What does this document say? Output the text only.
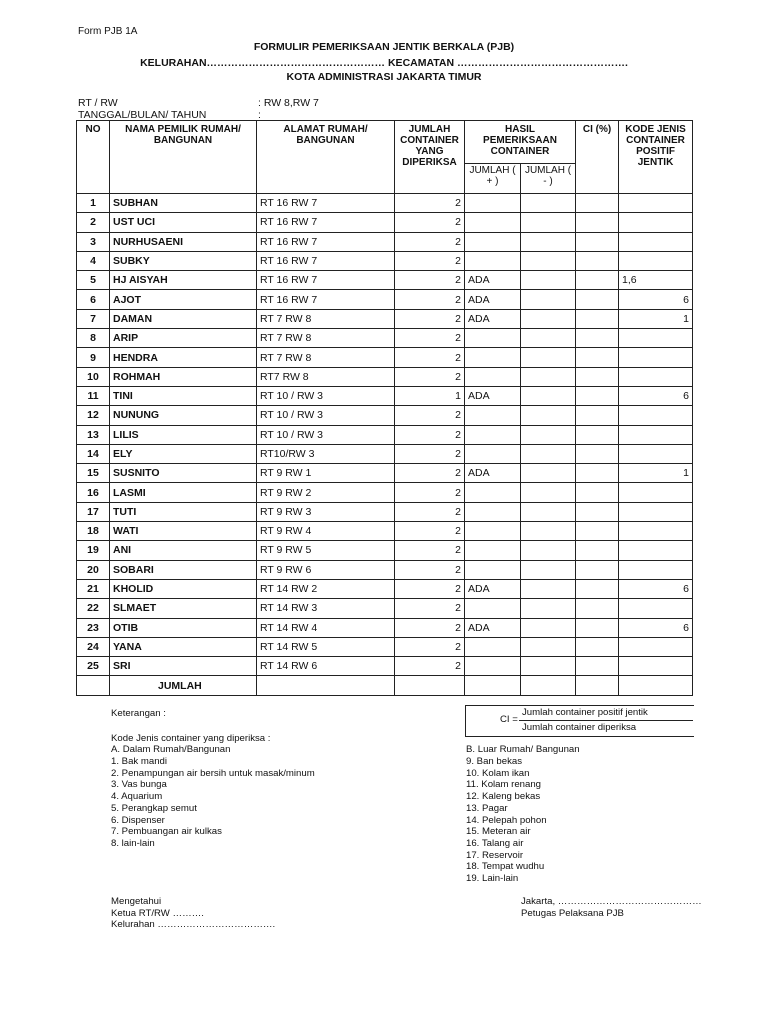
Form PJB 1A
FORMULIR PEMERIKSAAN JENTIK BERKALA (PJB)
KELURAHAN…………………………………………… KECAMATAN ………………………………………….
KOTA ADMINISTRASI JAKARTA TIMUR
RT / RW	: RW 8,RW 7
TANGGAL/BULAN/ TAHUN	:
NO	NAMA PEMILIK RUMAH/ BANGUNAN	ALAMAT RUMAH/ BANGUNAN	JUMLAH CONTAINER YANG DIPERIKSA	HASIL PEMERIKSAAN CONTAINER		CI (%)	KODE JENIS CONTAINER POSITIF JENTIK
				JUMLAH ( + )	JUMLAH ( - )		
1	SUBHAN	RT 16 RW 7	2				
2	UST UCI	RT 16 RW 7	2				
3	NURHUSAENI	RT 16 RW 7	2				
4	SUBKY	RT 16 RW 7	2				
5	HJ AISYAH	RT 16 RW 7	2	ADA			1,6
6	AJOT	RT 16 RW 7	2	ADA			6
7	DAMAN	RT 7 RW 8	2	ADA			1
8	ARIP	RT 7 RW 8	2				
9	HENDRA	RT 7 RW 8	2				
10	ROHMAH	RT7 RW 8	2				
11	TINI	RT 10 / RW 3	1	ADA			6
12	NUNUNG	RT 10 / RW 3	2				
13	LILIS	RT 10 / RW 3	2				
14	ELY	RT10/RW 3	2				
15	SUSNITO	RT 9 RW 1	2	ADA			1
16	LASMI	RT 9 RW 2	2				
17	TUTI	RT 9 RW 3	2				
18	WATI	RT 9 RW 4	2				
19	ANI	RT 9 RW 5	2				
20	SOBARI	RT 9 RW 6	2				
21	KHOLID	RT 14 RW 2	2	ADA			6
22	SLMAET	RT 14 RW 3	2				
23	OTIB	RT 14 RW 4	2	ADA			6
24	YANA	RT 14 RW 5	2				
25	SRI	RT 14 RW 6	2				
	JUMLAH						
Keterangan :
CI =
Jumlah container positif jentik
Jumlah container diperiksa
Kode Jenis container yang diperiksa :
A. Dalam Rumah/Bangunan
1. Bak mandi
2. Penampungan air bersih untuk masak/minum
3. Vas bunga
4. Aquarium
5. Perangkap semut
6. Dispenser
7. Pembuangan air kulkas
8. lain-lain
B. Luar Rumah/ Bangunan
9. Ban bekas
10. Kolam ikan
11. Kolam renang
12. Kaleng bekas
13. Pagar
14. Pelepah pohon
15. Meteran air
16. Talang air
17. Reservoir
18. Tempat wudhu
19. Lain-lain
Mengetahui
Ketua RT/RW ……….
Kelurahan ……………………………….
Jakarta, ………………………………………
Petugas Pelaksana PJB
